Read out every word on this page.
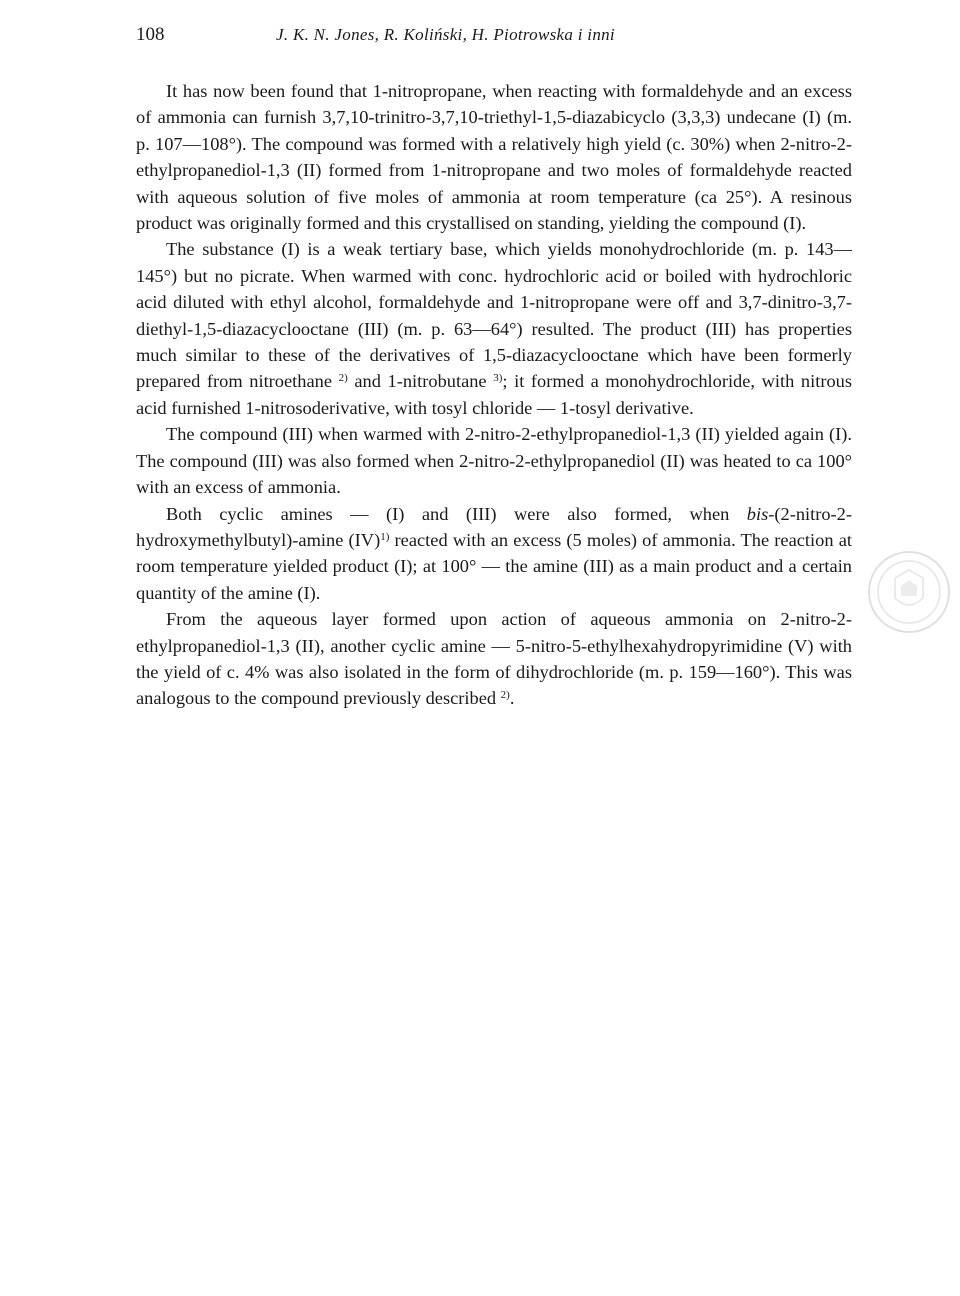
108	J. K. N. Jones, R. Koliński, H. Piotrowska i inni

It has now been found that 1-nitropropane, when reacting with formaldehyde and an excess of ammonia can furnish 3,7,10-trinitro-3,7,10-triethyl-1,5-diazabicyclo (3,3,3) undecane (I) (m. p. 107—108°). The compound was formed with a relatively high yield (c. 30%) when 2-nitro-2-ethylpropanediol-1,3 (II) formed from 1-nitropropane and two moles of formaldehyde reacted with aqueous solution of five moles of ammonia at room temperature (ca 25°). A resinous product was originally formed and this crystallised on standing, yielding the compound (I).

The substance (I) is a weak tertiary base, which yields monohydrochloride (m. p. 143—145°) but no picrate. When warmed with conc. hydrochloric acid or boiled with hydrochloric acid diluted with ethyl alcohol, formaldehyde and 1-nitropropane were off and 3,7-dinitro-3,7-diethyl-1,5-diazacyclooctane (III) (m. p. 63—64°) resulted. The product (III) has properties much similar to these of the derivatives of 1,5-diazacyclooctane which have been formerly prepared from nitroethane $^{2)}$ and 1-nitrobutane $^{3)}$; it formed a monohydrochloride, with nitrous acid furnished 1-nitrosoderivative, with tosyl chloride — 1-tosyl derivative.

The compound (III) when warmed with 2-nitro-2-ethylpropanediol-1,3 (II) yielded again (I). The compound (III) was also formed when 2-nitro-2-ethylpropanediol (II) was heated to ca 100° with an excess of ammonia.

Both cyclic amines — (I) and (III) were also formed, when bis-(2-nitro-2-hydroxymethylbutyl)-amine (IV)$^{1)}$ reacted with an excess (5 moles) of ammonia. The reaction at room temperature yielded product (I); at 100° — the amine (III) as a main product and a certain quantity of the amine (I).

From the aqueous layer formed upon action of aqueous ammonia on 2-nitro-2-ethylpropanediol-1,3 (II), another cyclic amine — 5-nitro-5-ethylhexahydropyrimidine (V) with the yield of c. 4% was also isolated in the form of dihydrochloride (m. p. 159—160°). This was analogous to the compound previously described $^{2)}$.
